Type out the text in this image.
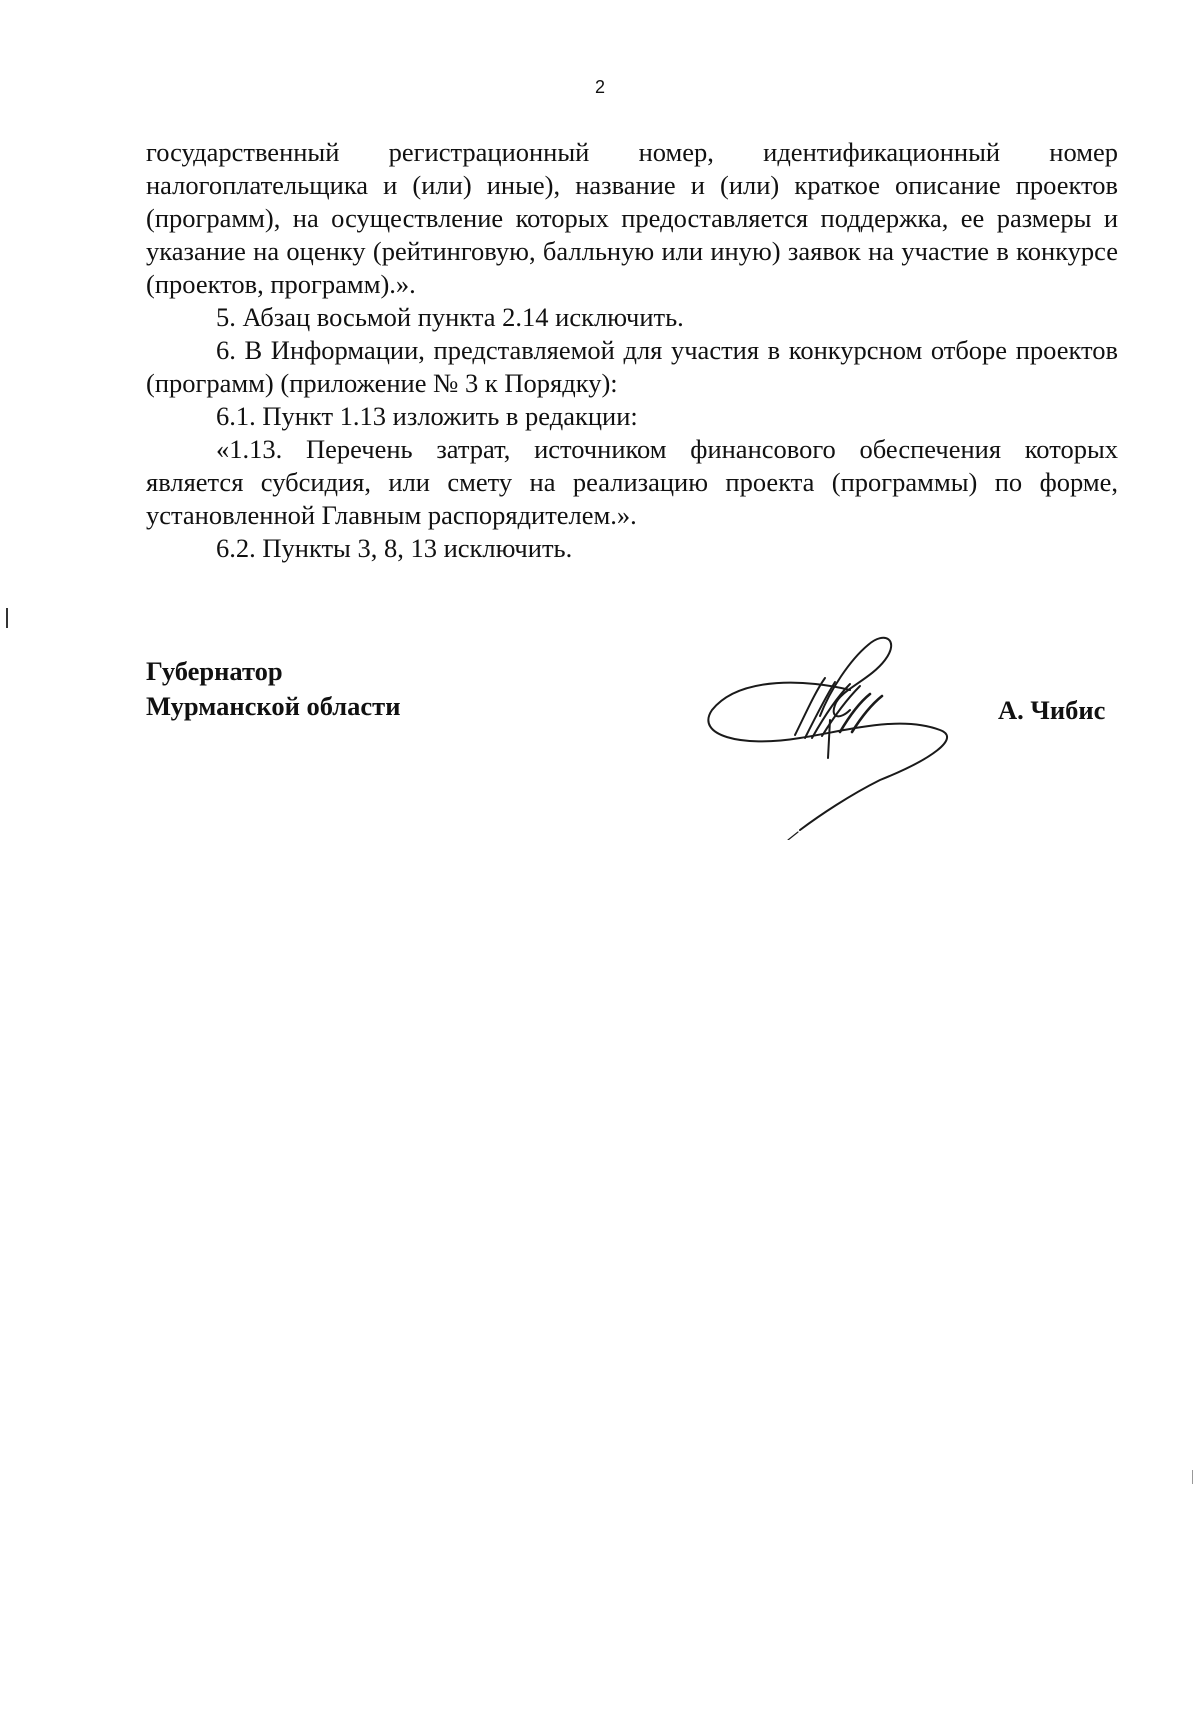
2

государственный регистрационный номер, идентификационный номер налогоплательщика и (или) иные), название и (или) краткое описание проектов (программ), на осуществление которых предоставляется поддержка, ее размеры и указание на оценку (рейтинговую, балльную или иную) заявок на участие в конкурсе (проектов, программ).».

5. Абзац восьмой пункта 2.14 исключить.

6. В Информации, представляемой для участия в конкурсном отборе проектов (программ) (приложение № 3 к Порядку):

6.1. Пункт 1.13 изложить в редакции:

«1.13. Перечень затрат, источником финансового обеспечения которых является субсидия, или смету на реализацию проекта (программы) по форме, установленной Главным распорядителем.».

6.2. Пункты 3, 8, 13 исключить.

Губернатор
Мурманской области	А. Чибис
